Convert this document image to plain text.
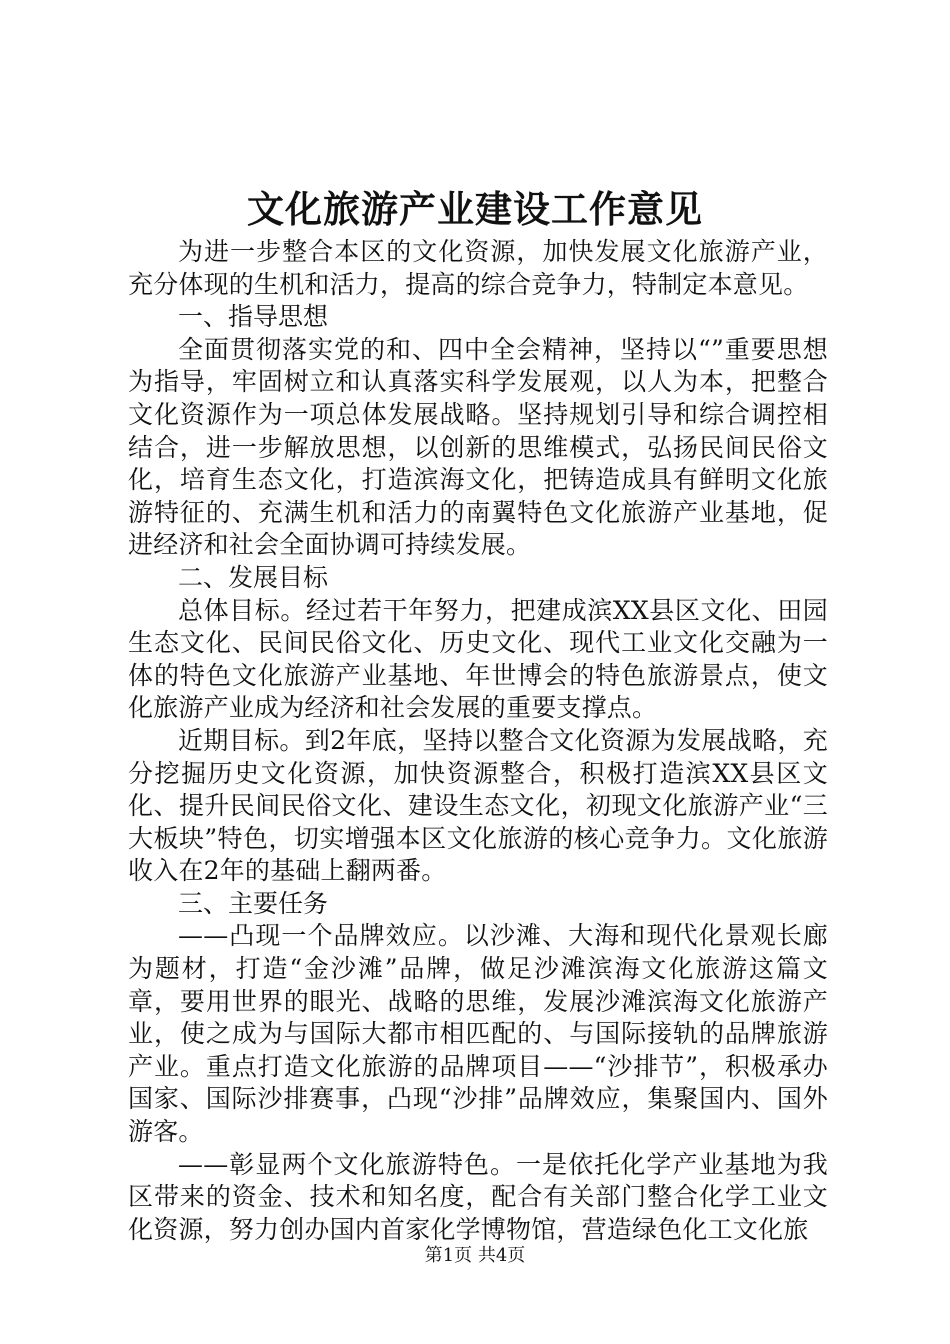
文化旅游产业建设工作意见

为进一步整合本区的文化资源，加快发展文化旅游产业，充分体现的生机和活力，提高的综合竞争力，特制定本意见。

一、指导思想

全面贯彻落实党的和、四中全会精神，坚持以“”重要思想为指导，牢固树立和认真落实科学发展观，以人为本，把整合文化资源作为一项总体发展战略。坚持规划引导和综合调控相结合，进一步解放思想，以创新的思维模式，弘扬民间民俗文化，培育生态文化，打造滨海文化，把铸造成具有鲜明文化旅游特征的、充满生机和活力的南翼特色文化旅游产业基地，促进经济和社会全面协调可持续发展。

二、发展目标

总体目标。经过若干年努力，把建成滨XX县区文化、田园生态文化、民间民俗文化、历史文化、现代工业文化交融为一体的特色文化旅游产业基地、年世博会的特色旅游景点，使文化旅游产业成为经济和社会发展的重要支撑点。

近期目标。到2年底，坚持以整合文化资源为发展战略，充分挖掘历史文化资源，加快资源整合，积极打造滨XX县区文化、提升民间民俗文化、建设生态文化，初现文化旅游产业“三大板块”特色，切实增强本区文化旅游的核心竞争力。文化旅游收入在2年的基础上翻两番。

三、主要任务

——凸现一个品牌效应。以沙滩、大海和现代化景观长廊为题材，打造“金沙滩”品牌，做足沙滩滨海文化旅游这篇文章，要用世界的眼光、战略的思维，发展沙滩滨海文化旅游产业，使之成为与国际大都市相匹配的、与国际接轨的品牌旅游产业。重点打造文化旅游的品牌项目——“沙排节”，积极承办国家、国际沙排赛事，凸现“沙排”品牌效应，集聚国内、国外游客。

——彰显两个文化旅游特色。一是依托化学产业基地为我区带来的资金、技术和知名度，配合有关部门整合化学工业文化资源，努力创办国内首家化学博物馆，营造绿色化工文化旅

第1页 共4页
